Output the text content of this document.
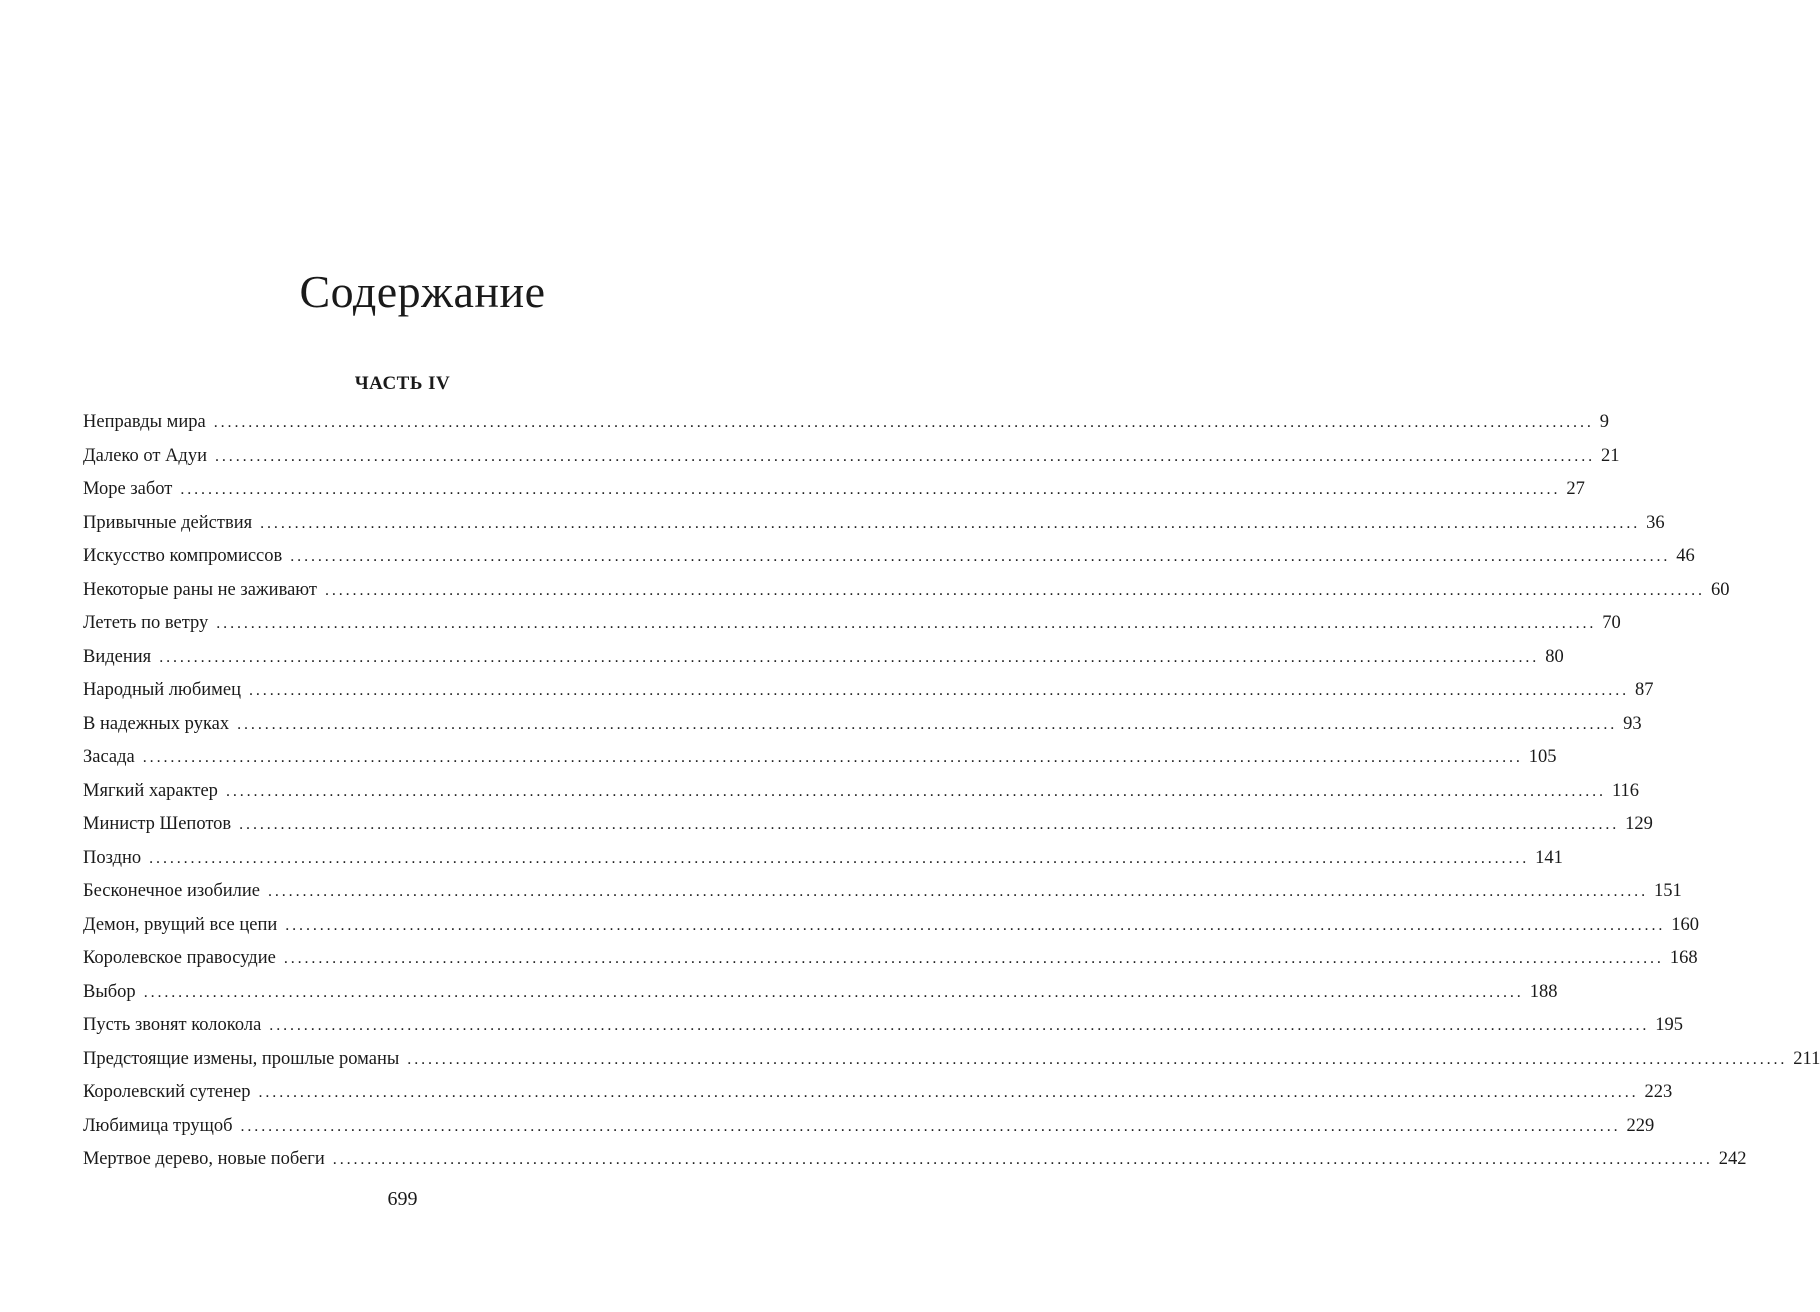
Содержание
ЧАСТЬ IV
Неправды мира ........................................................................................................................................................................................................ 9
Далеко от Адуи ........................................................................................................................................................................................................ 21
Море забот ........................................................................................................................................................................................................ 27
Привычные действия ........................................................................................................................................................................................................ 36
Искусство компромиссов ........................................................................................................................................................................................................ 46
Некоторые раны не заживают ........................................................................................................................................................................................................ 60
Лететь по ветру ........................................................................................................................................................................................................ 70
Видения ........................................................................................................................................................................................................ 80
Народный любимец ........................................................................................................................................................................................................ 87
В надежных руках ........................................................................................................................................................................................................ 93
Засада ........................................................................................................................................................................................................ 105
Мягкий характер ........................................................................................................................................................................................................ 116
Министр Шепотов ........................................................................................................................................................................................................ 129
Поздно ........................................................................................................................................................................................................ 141
Бесконечное изобилие ........................................................................................................................................................................................................ 151
Демон, рвущий все цепи ........................................................................................................................................................................................................ 160
Королевское правосудие ........................................................................................................................................................................................................ 168
Выбор ........................................................................................................................................................................................................ 188
Пусть звонят колокола ........................................................................................................................................................................................................ 195
Предстоящие измены, прошлые романы ........................................................................................................................................................................................................ 211
Королевский сутенер ........................................................................................................................................................................................................ 223
Любимица трущоб ........................................................................................................................................................................................................ 229
Мертвое дерево, новые побеги ........................................................................................................................................................................................................ 242
699
